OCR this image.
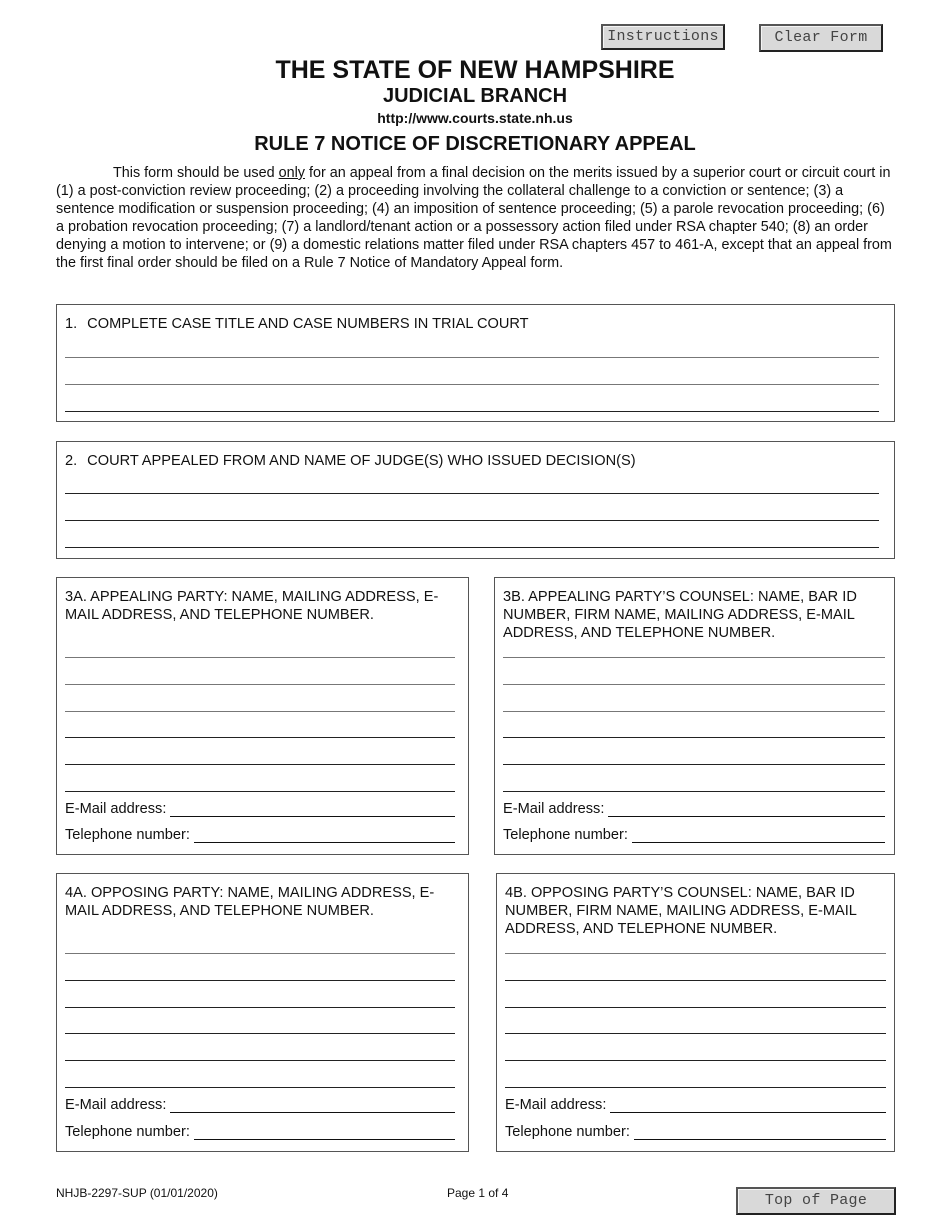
Instructions	Clear Form
THE STATE OF NEW HAMPSHIRE
JUDICIAL BRANCH
http://www.courts.state.nh.us
RULE 7 NOTICE OF DISCRETIONARY APPEAL
This form should be used only for an appeal from a final decision on the merits issued by a superior court or circuit court in (1) a post-conviction review proceeding; (2) a proceeding involving the collateral challenge to a conviction or sentence; (3) a sentence modification or suspension proceeding; (4) an imposition of sentence proceeding; (5) a parole revocation proceeding; (6) a probation revocation proceeding; (7) a landlord/tenant action or a possessory action filed under RSA chapter 540; (8) an order denying a motion to intervene; or (9) a domestic relations matter filed under RSA chapters 457 to 461-A, except that an appeal from the first final order should be filed on a Rule 7 Notice of Mandatory Appeal form.
1. COMPLETE CASE TITLE AND CASE NUMBERS IN TRIAL COURT
2. COURT APPEALED FROM AND NAME OF JUDGE(S) WHO ISSUED DECISION(S)
3A. APPEALING PARTY: NAME, MAILING ADDRESS, E-MAIL ADDRESS, AND TELEPHONE NUMBER.
E-Mail address:
Telephone number:
3B. APPEALING PARTY’S COUNSEL: NAME, BAR ID NUMBER, FIRM NAME, MAILING ADDRESS, E-MAIL ADDRESS, AND TELEPHONE NUMBER.
E-Mail address:
Telephone number:
4A. OPPOSING PARTY: NAME, MAILING ADDRESS, E-MAIL ADDRESS, AND TELEPHONE NUMBER.
E-Mail address:
Telephone number:
4B. OPPOSING PARTY’S COUNSEL: NAME, BAR ID NUMBER, FIRM NAME, MAILING ADDRESS, E-MAIL ADDRESS, AND TELEPHONE NUMBER.
E-Mail address:
Telephone number:
NHJB-2297-SUP (01/01/2020)	Page 1 of 4	Top of Page
